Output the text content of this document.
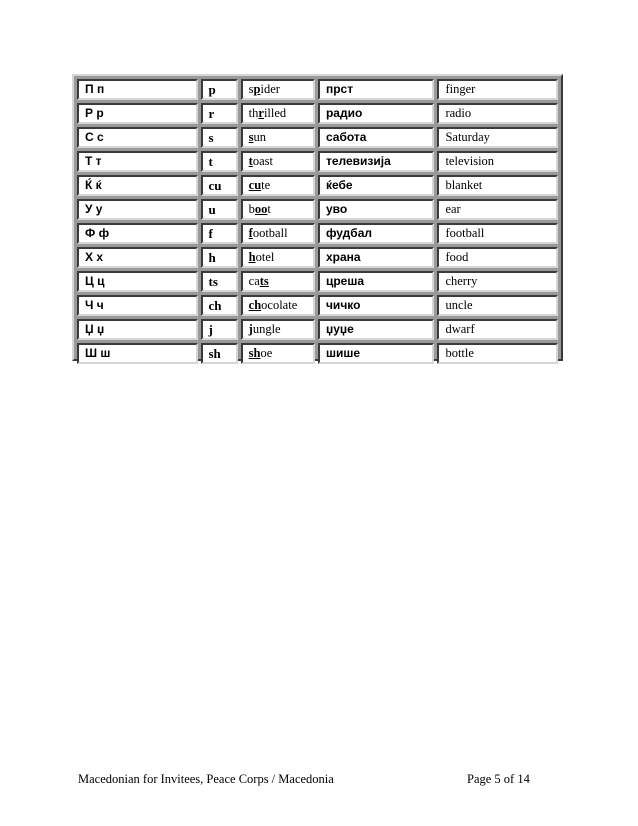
П п	p	spider	прст	finger
Р р	r	thrilled	радио	radio
С с	s	sun	сабота	Saturday
Т т	t	toast	телевизија	television
Ќ ќ	cu	cute	ќебе	blanket
У у	u	boot	уво	ear
Ф ф	f	football	фудбал	football
Х х	h	hotel	храна	food
Ц ц	ts	cats	цреша	cherry
Ч ч	ch	chocolate	чичко	uncle
Џ џ	j	jungle	џуџе	dwarf
Ш ш	sh	shoe	шише	bottle
Macedonian for Invitees, Peace Corps / Macedonia	Page 5 of 14
